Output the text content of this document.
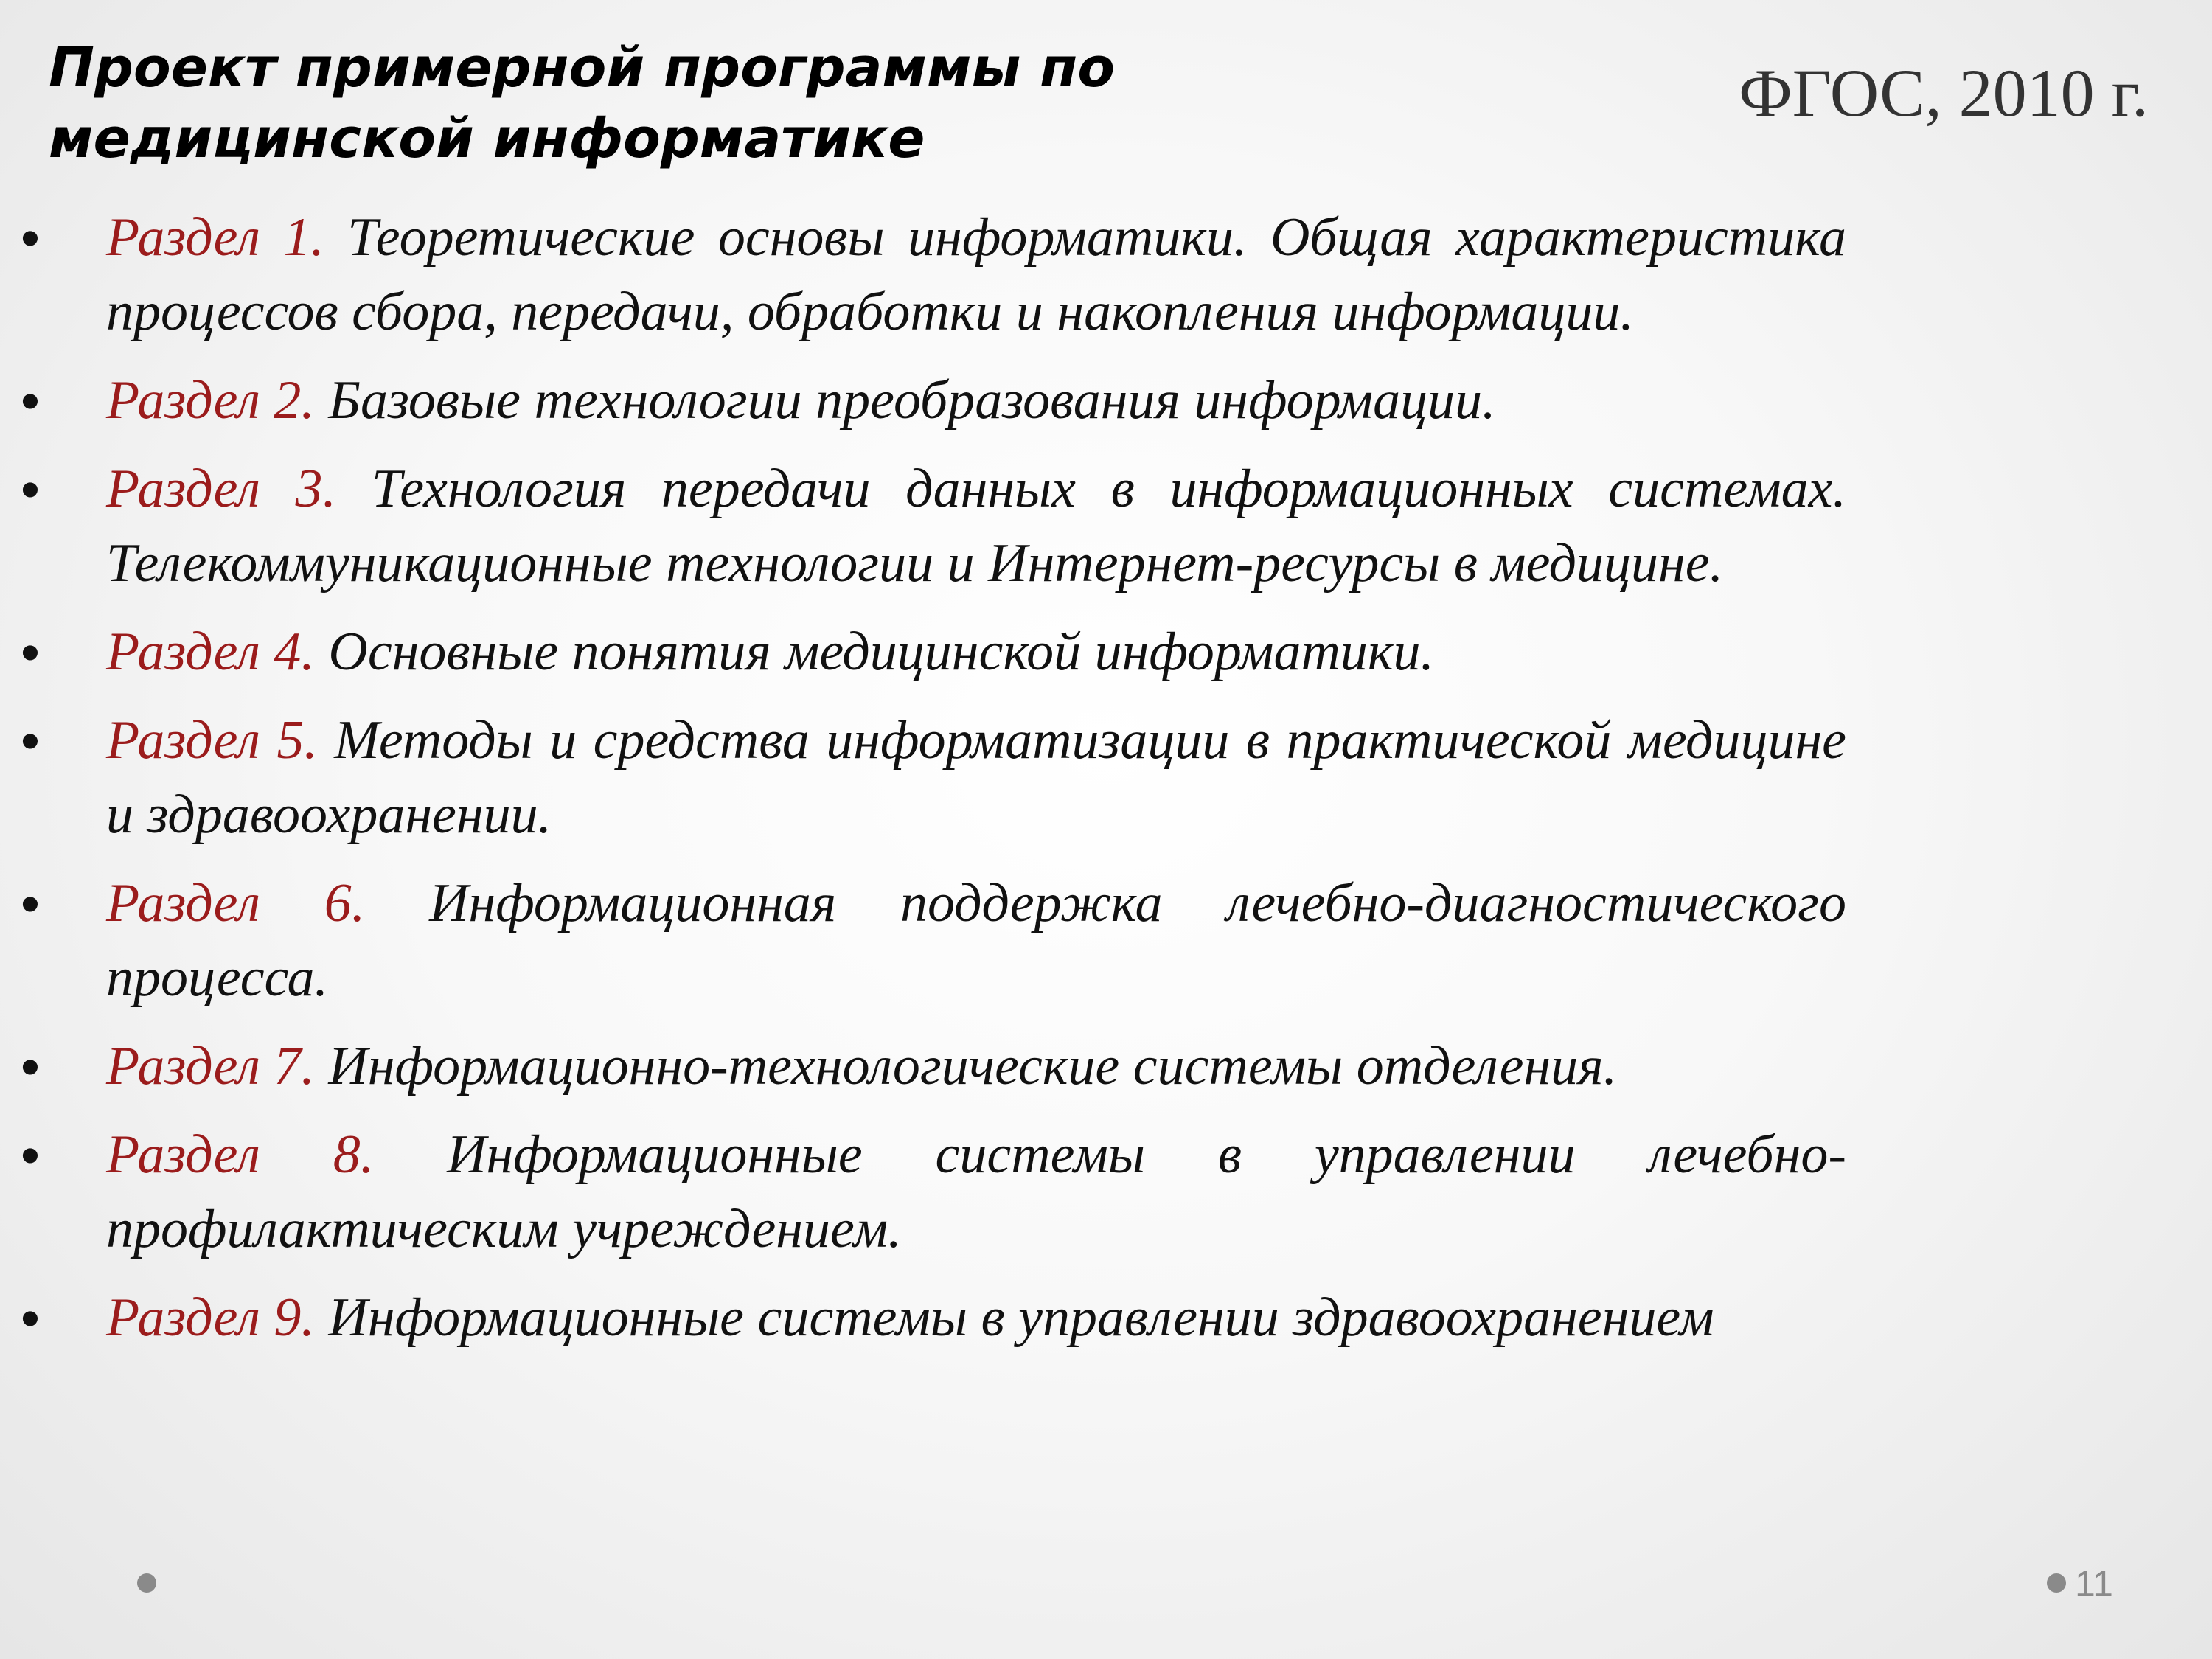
Проект примерной программы по
медицинской информатике
ФГОС, 2010 г.
• Раздел 1. Теоретические основы информатики. Общая характеристика процессов сбора, передачи, обработки и накопления информации.
• Раздел 2. Базовые технологии преобразования информации.
• Раздел 3. Технология передачи данных в информационных системах. Телекоммуникационные технологии и Интернет-ресурсы в медицине.
• Раздел 4. Основные понятия медицинской информатики.
• Раздел 5. Методы и средства информатизации в практической медицине и здравоохранении.
• Раздел 6. Информационная поддержка лечебно-диагностического процесса.
• Раздел 7. Информационно-технологические системы отделения.
• Раздел 8. Информационные системы в управлении лечебно-профилактическим учреждением.
• Раздел 9. Информационные системы в управлении здравоохранением
11
